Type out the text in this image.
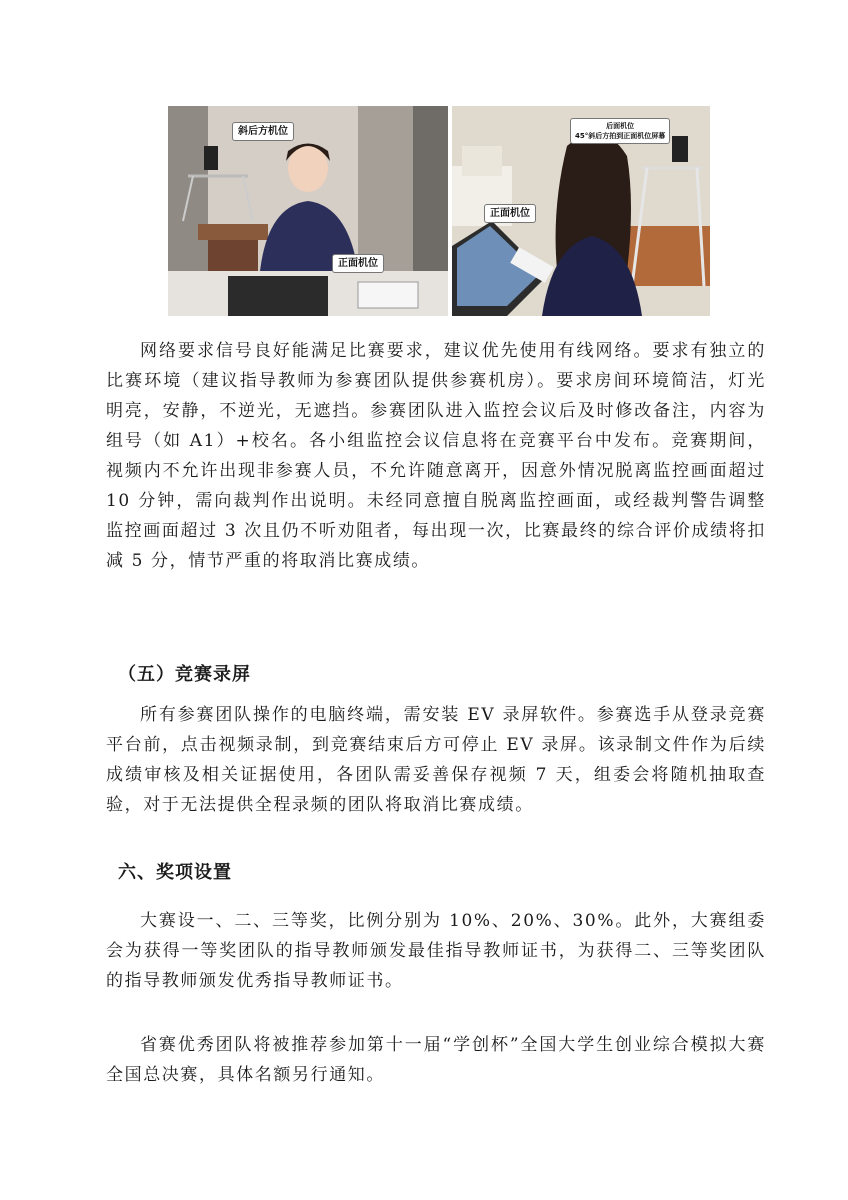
斜后方机位
正面机位
后面机位
45°斜后方拍到正面机位屏幕
正面机位

网络要求信号良好能满足比赛要求，建议优先使用有线网络。要求有独立的比赛环境（建议指导教师为参赛团队提供参赛机房）。要求房间环境简洁，灯光明亮，安静，不逆光，无遮挡。参赛团队进入监控会议后及时修改备注，内容为组号（如 A1）+校名。各小组监控会议信息将在竞赛平台中发布。竞赛期间，视频内不允许出现非参赛人员，不允许随意离开，因意外情况脱离监控画面超过 10 分钟，需向裁判作出说明。未经同意擅自脱离监控画面，或经裁判警告调整监控画面超过 3 次且仍不听劝阻者，每出现一次，比赛最终的综合评价成绩将扣减 5 分，情节严重的将取消比赛成绩。

（五）竞赛录屏

所有参赛团队操作的电脑终端，需安装 EV 录屏软件。参赛选手从登录竞赛平台前，点击视频录制，到竞赛结束后方可停止 EV 录屏。该录制文件作为后续成绩审核及相关证据使用，各团队需妥善保存视频 7 天，组委会将随机抽取查验，对于无法提供全程录频的团队将取消比赛成绩。

六、奖项设置

大赛设一、二、三等奖，比例分别为 10%、20%、30%。此外，大赛组委会为获得一等奖团队的指导教师颁发最佳指导教师证书，为获得二、三等奖团队的指导教师颁发优秀指导教师证书。

省赛优秀团队将被推荐参加第十一届“学创杯”全国大学生创业综合模拟大赛全国总决赛，具体名额另行通知。
